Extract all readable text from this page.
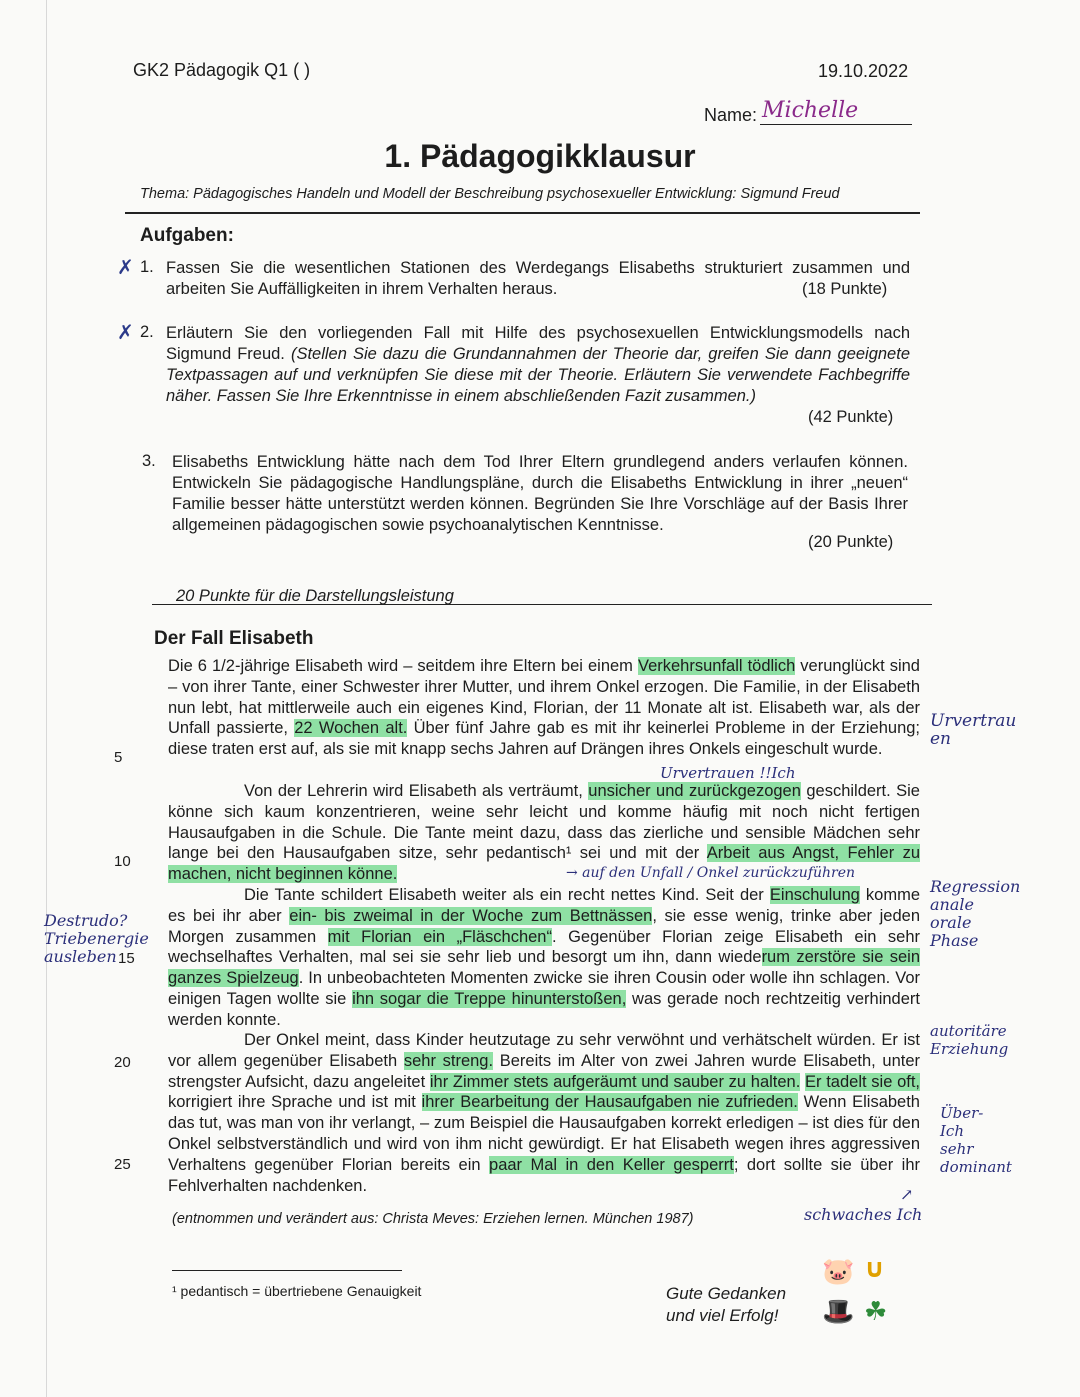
GK2 Pädagogik Q1 ( )	19.10.2022
Name: Michelle
1. Pädagogikklausur
Thema: Pädagogisches Handeln und Modell der Beschreibung psychosexueller Entwicklung: Sigmund Freud
Aufgaben:
1.
✗ Fassen Sie die wesentlichen Stationen des Werdegangs Elisabeths strukturiert zusammen und arbeiten Sie Auffälligkeiten in ihrem Verhalten heraus.	(18 Punkte)
2.
✗ Erläutern Sie den vorliegenden Fall mit Hilfe des psychosexuellen Entwicklungsmodells nach Sigmund Freud. (Stellen Sie dazu die Grundannahmen der Theorie dar, greifen Sie dann geeignete Textpassagen auf und verknüpfen Sie diese mit der Theorie. Erläutern Sie verwendete Fachbegriffe näher. Fassen Sie Ihre Erkenntnisse in einem abschließenden Fazit zusammen.)
(42 Punkte)
3. Elisabeths Entwicklung hätte nach dem Tod Ihrer Eltern grundlegend anders verlaufen können. Entwickeln Sie pädagogische Handlungspläne, durch die Elisabeths Entwicklung in ihrer „neuen“ Familie besser hätte unterstützt werden können. Begründen Sie Ihre Vorschläge auf der Basis Ihrer allgemeinen pädagogischen sowie psychoanalytischen Kenntnisse.
(20 Punkte)
20 Punkte für die Darstellungsleistung
Der Fall Elisabeth
Die 6 1/2-jährige Elisabeth wird – seitdem ihre Eltern bei einem Verkehrsunfall tödlich verunglückt sind – von ihrer Tante, einer Schwester ihrer Mutter, und ihrem Onkel erzogen. Die Familie, in der Elisabeth nun lebt, hat mittlerweile auch ein eigenes Kind, Florian, der 11 Monate alt ist. Elisabeth war, als der Unfall passierte, 22 Wochen alt. Über fünf Jahre gab es mit ihr keinerlei Probleme in der Erziehung; diese traten erst auf, als sie mit knapp sechs Jahren auf Drängen ihres Onkels eingeschult wurde.
Von der Lehrerin wird Elisabeth als verträumt, unsicher und zurückgezogen geschildert. Sie könne sich kaum konzentrieren, weine sehr leicht und komme häufig mit noch nicht fertigen Hausaufgaben in die Schule. Die Tante meint dazu, dass das zierliche und sensible Mädchen sehr lange bei den Hausaufgaben sitze, sehr pedantisch¹ sei und mit der Arbeit aus Angst, Fehler zu machen, nicht beginnen könne.
Die Tante schildert Elisabeth weiter als ein recht nettes Kind. Seit der Einschulung komme es bei ihr aber ein- bis zweimal in der Woche zum Bettnässen, sie esse wenig, trinke aber jeden Morgen zusammen mit Florian ein „Fläschchen“. Gegenüber Florian zeige Elisabeth ein sehr wechselhaftes Verhalten, mal sei sie sehr lieb und besorgt um ihn, dann wiederum zerstöre sie sein ganzes Spielzeug. In unbeobachteten Momenten zwicke sie ihren Cousin oder wolle ihn schlagen. Vor einigen Tagen wollte sie ihn sogar die Treppe hinunterstoßen, was gerade noch rechtzeitig verhindert werden konnte.
Der Onkel meint, dass Kinder heutzutage zu sehr verwöhnt und verhätschelt würden. Er ist vor allem gegenüber Elisabeth sehr streng. Bereits im Alter von zwei Jahren wurde Elisabeth, unter strengster Aufsicht, dazu angeleitet ihr Zimmer stets aufgeräumt und sauber zu halten. Er tadelt sie oft, korrigiert ihre Sprache und ist mit ihrer Bearbeitung der Hausaufgaben nie zufrieden. Wenn Elisabeth das tut, was man von ihr verlangt, – zum Beispiel die Hausaufgaben korrekt erledigen – ist dies für den Onkel selbstverständlich und wird von ihm nicht gewürdigt. Er hat Elisabeth wegen ihres aggressiven Verhaltens gegenüber Florian bereits ein paar Mal in den Keller gesperrt; dort sollte sie über ihr Fehlverhalten nachdenken.
5
10
15
20
25
Urvertrau
en
Urvertrauen !!Ich
→ auf den Unfall / Onkel zurückzuführen
Regression
anale
orale
Phase
Destrudo?
Triebenergie
ausleben
autoritäre
Erziehung
Über-
Ich
sehr
dominant
↗
schwaches Ich
(entnommen und verändert aus: Christa Meves: Erziehen lernen. München 1987)
¹ pedantisch = übertriebene Genauigkeit	Gute Gedanken
und viel Erfolg!
🐷 ∪
🎩 ☘
